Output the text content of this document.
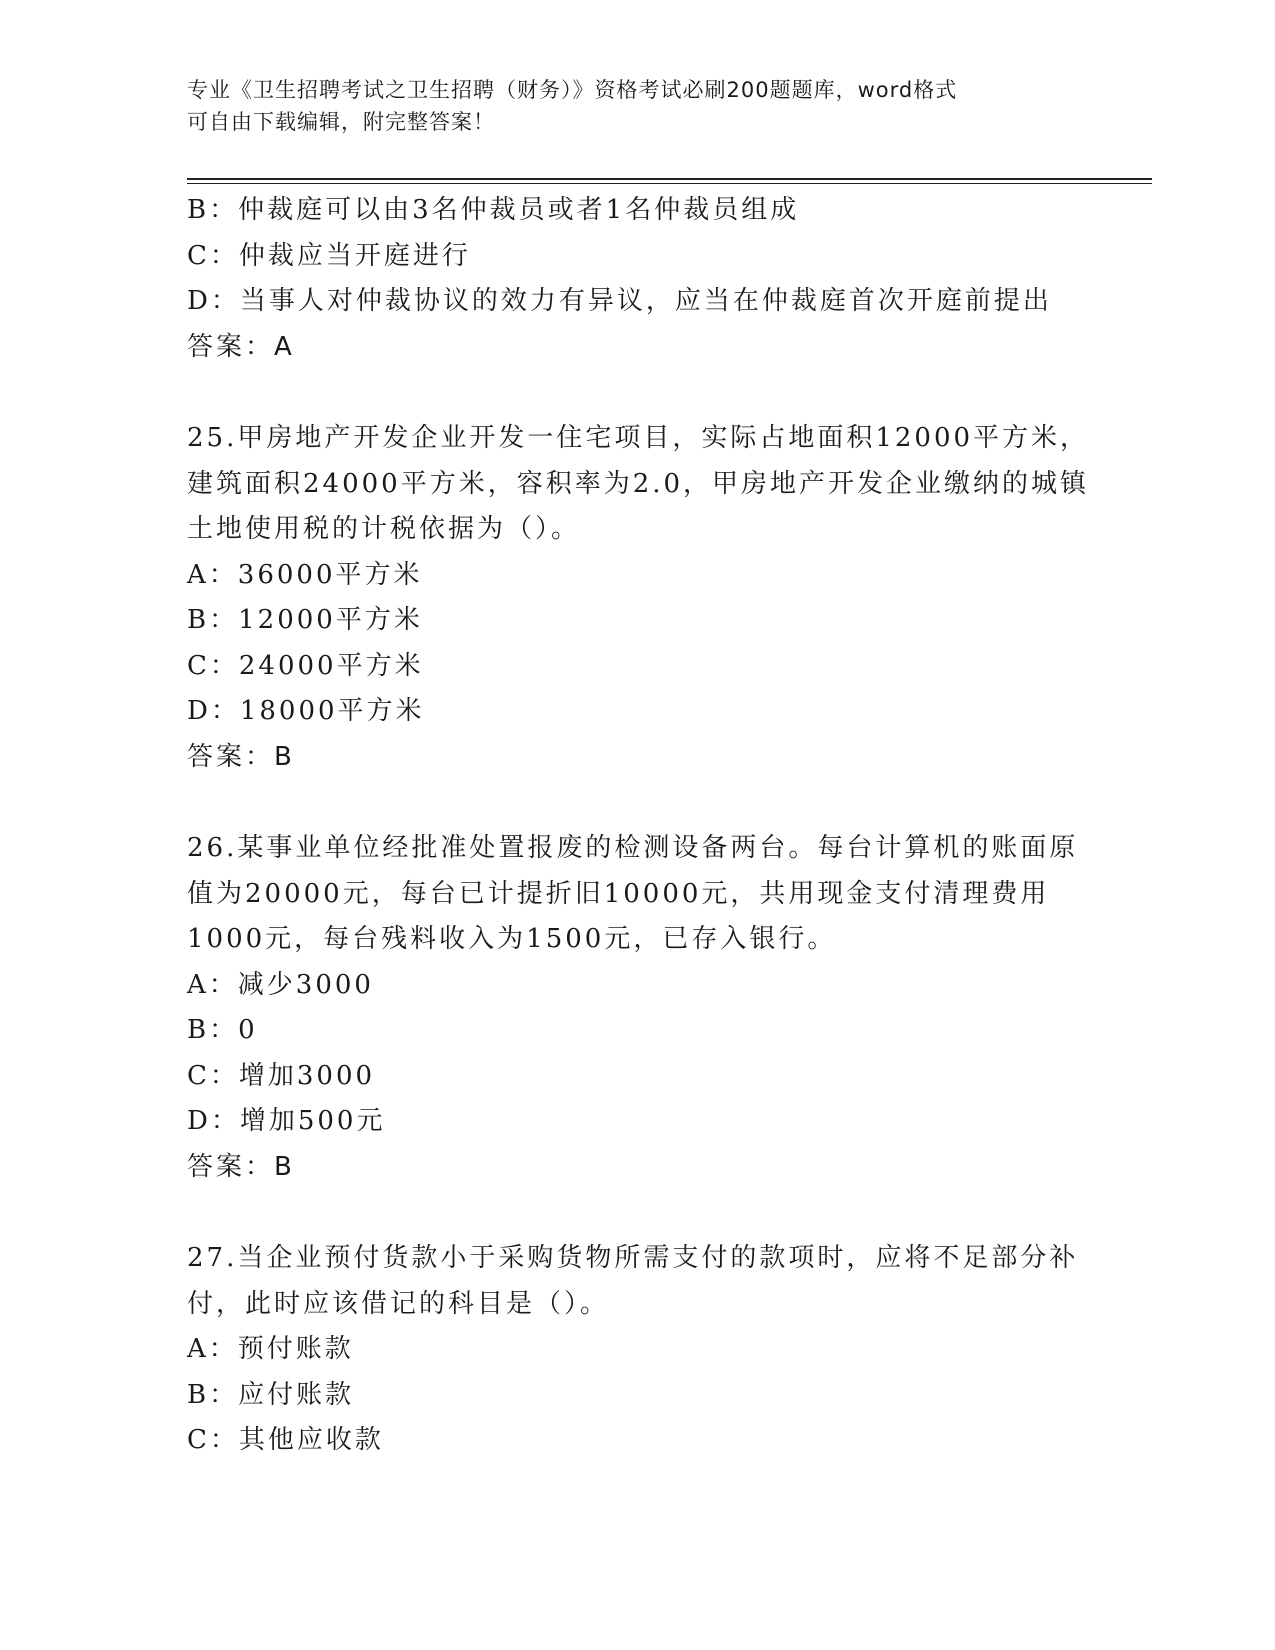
专业《卫生招聘考试之卫生招聘（财务）》资格考试必刷200题题库，word格式
可自由下载编辑，附完整答案！
B：仲裁庭可以由3名仲裁员或者1名仲裁员组成
C：仲裁应当开庭进行
D：当事人对仲裁协议的效力有异议，应当在仲裁庭首次开庭前提出
答案：A
25.甲房地产开发企业开发一住宅项目，实际占地面积12000平方米，
建筑面积24000平方米，容积率为2.0，甲房地产开发企业缴纳的城镇
土地使用税的计税依据为（）。
A：36000平方米
B：12000平方米
C：24000平方米
D：18000平方米
答案：B
26.某事业单位经批准处置报废的检测设备两台。每台计算机的账面原
值为20000元，每台已计提折旧10000元，共用现金支付清理费用
1000元，每台残料收入为1500元，已存入银行。
A：减少3000
B：0
C：增加3000
D：增加500元
答案：B
27.当企业预付货款小于采购货物所需支付的款项时，应将不足部分补
付，此时应该借记的科目是（）。
A：预付账款
B：应付账款
C：其他应收款
